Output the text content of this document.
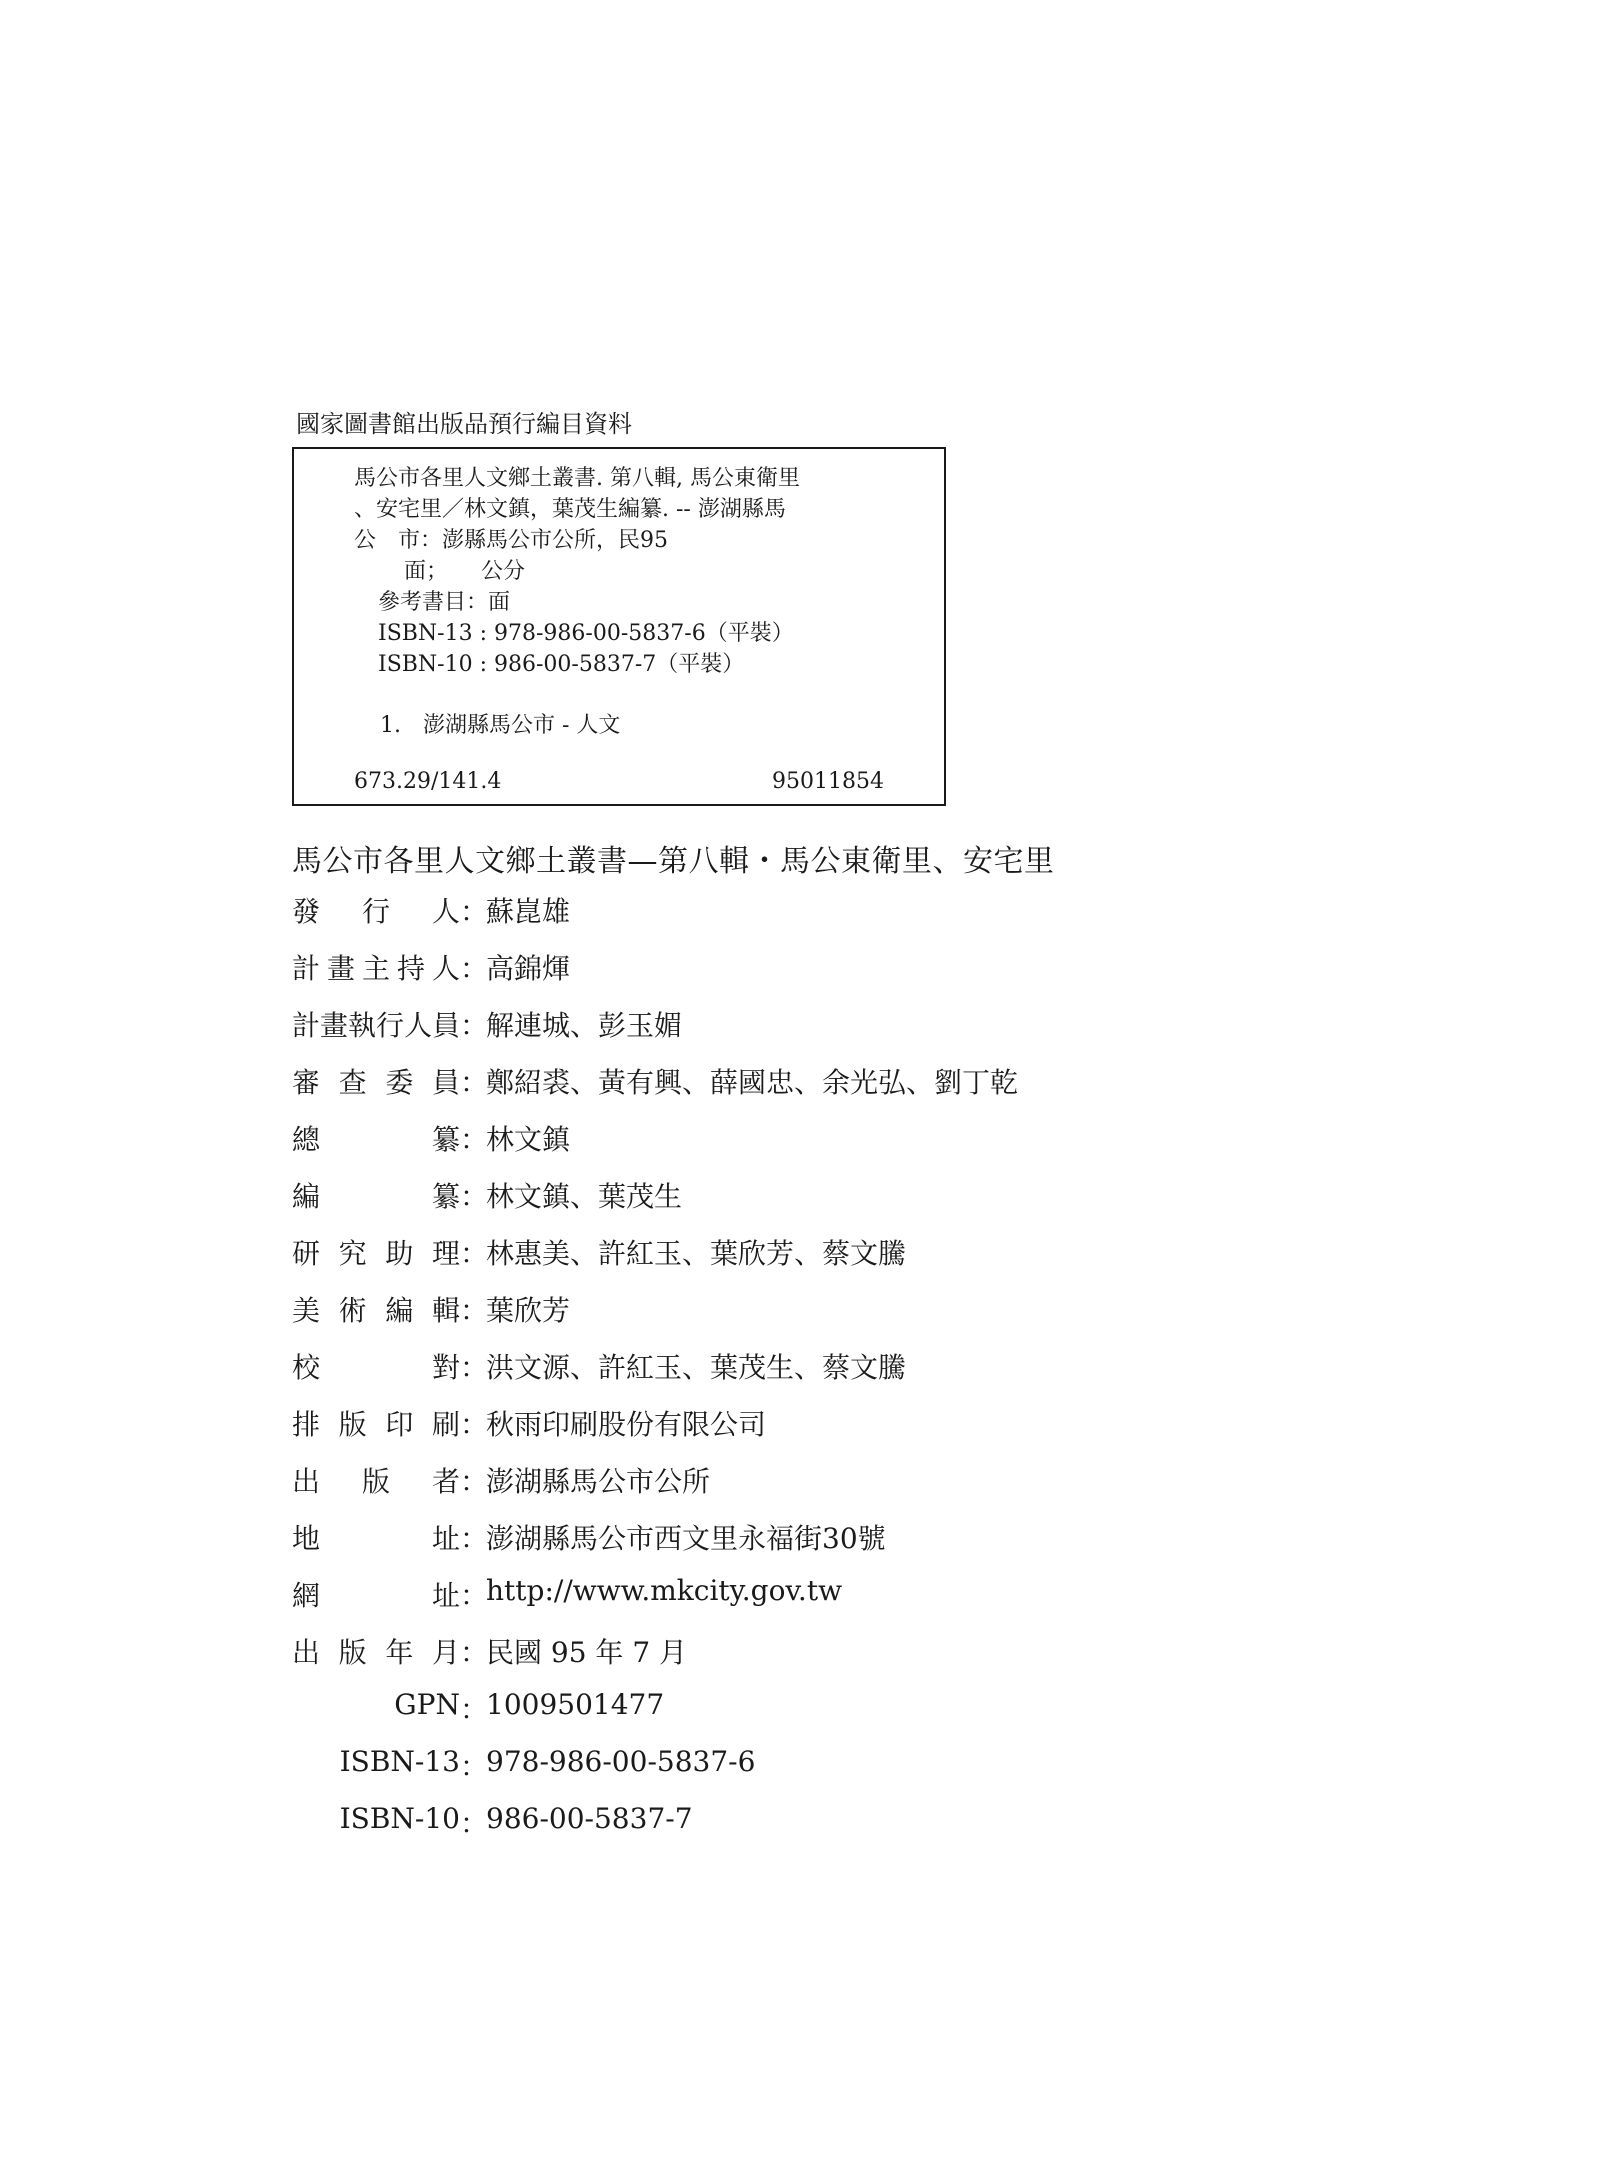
國家圖書館出版品預行編目資料
馬公市各里人文鄉土叢書. 第八輯, 馬公東衛里
、安宅里／林文鎮，葉茂生編纂. -- 澎湖縣馬
公　市：澎縣馬公市公所，民95
面；　　公分
參考書目：面
ISBN-13 : 978-986-00-5837-6（平裝）
ISBN-10 : 986-00-5837-7（平裝）
1.　澎湖縣馬公市 - 人文
673.29/141.4	95011854
馬公市各里人文鄉土叢書—第八輯・馬公東衛里、安宅里
發 行 人 ：
蘇崑雄
計 畫 主 持 人 ：
高錦煇
計 畫 執 行 人 員 ：
解連城、彭玉媚
審 查 委 員 ：
鄭紹裘、黃有興、薛國忠、余光弘、劉丁乾
總	纂 ：
林文鎮
編	纂 ：
林文鎮、葉茂生
研 究 助 理 ：
林惠美、許紅玉、葉欣芳、蔡文騰
美 術 編 輯 ：
葉欣芳
校	對 ：
洪文源、許紅玉、葉茂生、蔡文騰
排 版 印 刷 ：
秋雨印刷股份有限公司
出 版 者 ：
澎湖縣馬公市公所
地	址 ：
澎湖縣馬公市西文里永福街30號
網	址 ：
http://www.mkcity.gov.tw
出 版 年 月 ：
民國 95 年 7 月
GPN ：
1009501477
ISBN-13 ：
978-986-00-5837-6
ISBN-10 ：
986-00-5837-7
